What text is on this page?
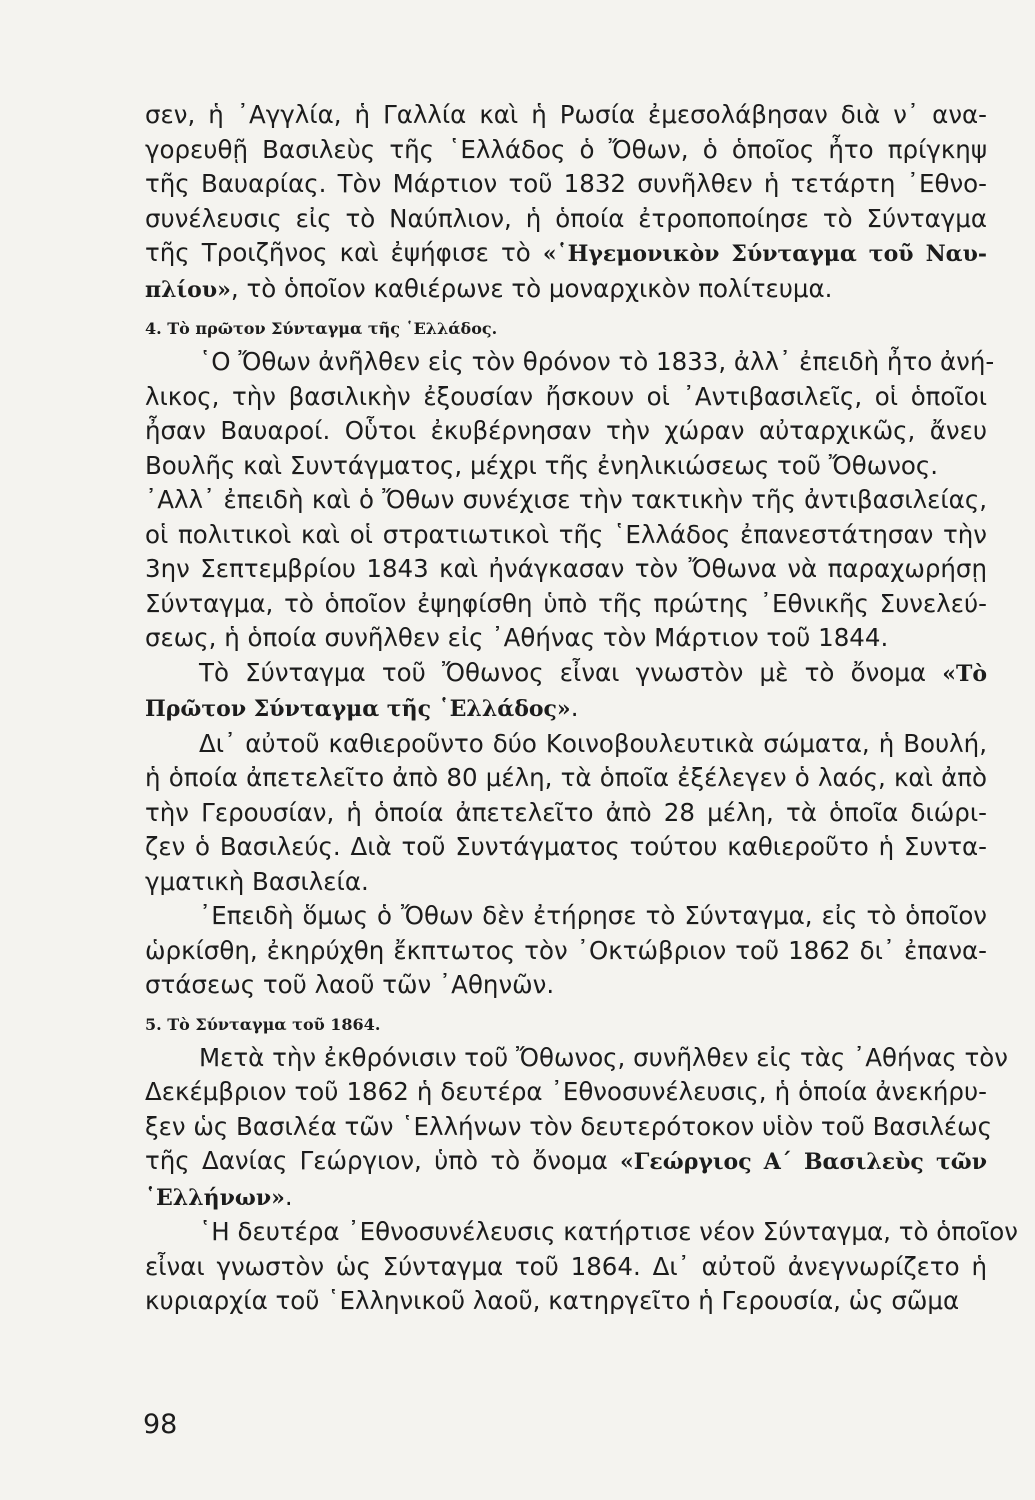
σεν, ἡ ᾿Αγγλία, ἡ Γαλλία καὶ ἡ Ρωσία ἐμεσολάβησαν διὰ ν᾿ ανα-
γορευθῇ Βασιλεὺς τῆς ῾Ελλάδος ὁ Ὄθων, ὁ ὁποῖος ἦτο πρίγκηψ
τῆς Βαυαρίας. Τὸν Μάρτιον τοῦ 1832 συνῆλθεν ἡ τετάρτη ᾿Εθνο-
συνέλευσις εἰς τὸ Ναύπλιον, ἡ ὁποία ἐτροποποίησε τὸ Σύνταγμα
τῆς Τροιζῆνος καὶ ἐψήφισε τὸ «῾Ηγεμονικὸν Σύνταγμα τοῦ Ναυ-
πλίου», τὸ ὁποῖον καθιέρωνε τὸ μοναρχικὸν πολίτευμα.
4. Τὸ πρῶτον Σύνταγμα τῆς ῾Ελλάδος.
῾Ο Ὄθων ἀνῆλθεν εἰς τὸν θρόνον τὸ 1833, ἀλλ᾿ ἐπειδὴ ἦτο ἀνή-
λικος, τὴν βασιλικὴν ἐξουσίαν ἤσκουν οἱ ᾿Αντιβασιλεῖς, οἱ ὁποῖοι
ἦσαν Βαυαροί. Οὗτοι ἐκυβέρνησαν τὴν χώραν αὐταρχικῶς, ἄνευ
Βουλῆς καὶ Συντάγματος, μέχρι τῆς ἐνηλικιώσεως τοῦ Ὄθωνος.
᾿Αλλ᾿ ἐπειδὴ καὶ ὁ Ὄθων συνέχισε τὴν τακτικὴν τῆς ἀντιβασιλείας,
οἱ πολιτικοὶ καὶ οἱ στρατιωτικοὶ τῆς ῾Ελλάδος ἐπανεστάτησαν τὴν
3ην Σεπτεμβρίου 1843 καὶ ἠνάγκασαν τὸν Ὄθωνα νὰ παραχωρήσῃ
Σύνταγμα, τὸ ὁποῖον ἐψηφίσθη ὑπὸ τῆς πρώτης ᾿Εθνικῆς Συνελεύ-
σεως, ἡ ὁποία συνῆλθεν εἰς ᾿Αθήνας τὸν Μάρτιον τοῦ 1844.
Τὸ Σύνταγμα τοῦ Ὄθωνος εἶναι γνωστὸν μὲ τὸ ὄνομα «Τὸ
Πρῶτον Σύνταγμα τῆς ῾Ελλάδος».
Δι᾿ αὐτοῦ καθιεροῦντο δύο Κοινοβουλευτικὰ σώματα, ἡ Βουλή,
ἡ ὁποία ἀπετελεῖτο ἀπὸ 80 μέλη, τὰ ὁποῖα ἐξέλεγεν ὁ λαός, καὶ ἀπὸ
τὴν Γερουσίαν, ἡ ὁποία ἀπετελεῖτο ἀπὸ 28 μέλη, τὰ ὁποῖα διώρι-
ζεν ὁ Βασιλεύς. Διὰ τοῦ Συντάγματος τούτου καθιεροῦτο ἡ Συντα-
γματικὴ Βασιλεία.
᾿Επειδὴ ὅμως ὁ Ὄθων δὲν ἐτήρησε τὸ Σύνταγμα, εἰς τὸ ὁποῖον
ὡρκίσθη, ἐκηρύχθη ἔκπτωτος τὸν ᾿Οκτώβριον τοῦ 1862 δι᾿ ἐπανα-
στάσεως τοῦ λαοῦ τῶν ᾿Αθηνῶν.
5. Τὸ Σύνταγμα τοῦ 1864.
Μετὰ τὴν ἐκθρόνισιν τοῦ Ὄθωνος, συνῆλθεν εἰς τὰς ᾿Αθήνας τὸν
Δεκέμβριον τοῦ 1862 ἡ δευτέρα ᾿Εθνοσυνέλευσις, ἡ ὁποία ἀνεκήρυ-
ξεν ὡς Βασιλέα τῶν ῾Ελλήνων τὸν δευτερότοκον υἱὸν τοῦ Βασιλέως
τῆς Δανίας Γεώργιον, ὑπὸ τὸ ὄνομα «Γεώργιος Α΄ Βασιλεὺς τῶν
῾Ελλήνων».
῾Η δευτέρα ᾿Εθνοσυνέλευσις κατήρτισε νέον Σύνταγμα, τὸ ὁποῖον
εἶναι γνωστὸν ὡς Σύνταγμα τοῦ 1864. Δι᾿ αὐτοῦ ἀνεγνωρίζετο ἡ
κυριαρχία τοῦ ῾Ελληνικοῦ λαοῦ, κατηργεῖτο ἡ Γερουσία, ὡς σῶμα
98
